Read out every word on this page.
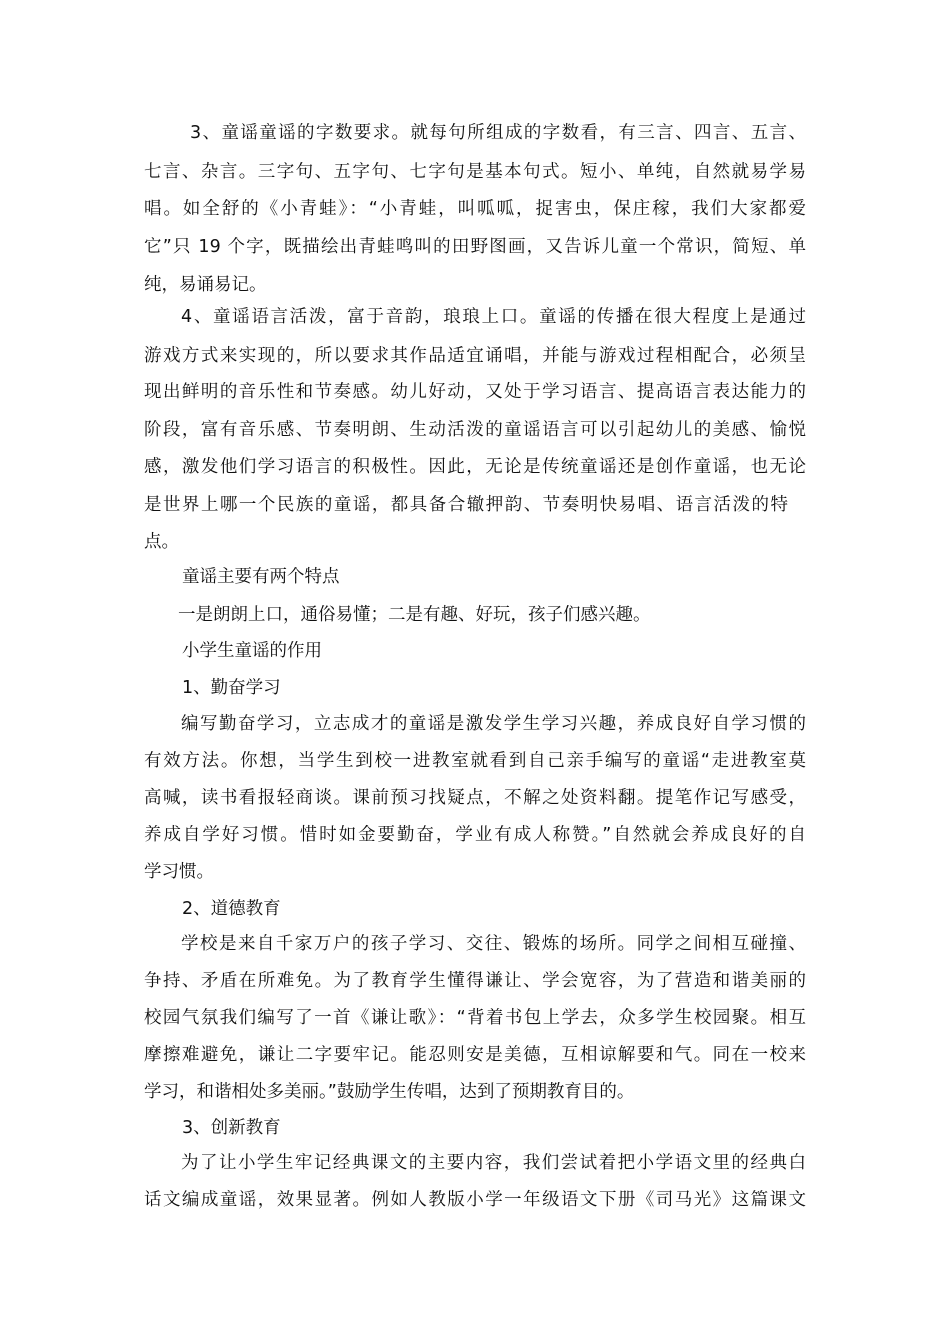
3、童谣童谣的字数要求。就每句所组成的字数看，有三言、四言、五言、

七言、杂言。三字句、五字句、七字句是基本句式。短小、单纯，自然就易学易

唱。如全舒的《小青蛙》：“小青蛙，叫呱呱，捉害虫，保庄稼，我们大家都爱

它”只 19 个字，既描绘出青蛙鸣叫的田野图画，又告诉儿童一个常识，简短、单

纯，易诵易记。

4、童谣语言活泼，富于音韵，琅琅上口。童谣的传播在很大程度上是通过

游戏方式来实现的，所以要求其作品适宜诵唱，并能与游戏过程相配合，必须呈

现出鲜明的音乐性和节奏感。幼儿好动，又处于学习语言、提高语言表达能力的

阶段，富有音乐感、节奏明朗、生动活泼的童谣语言可以引起幼儿的美感、愉悦

感，激发他们学习语言的积极性。因此，无论是传统童谣还是创作童谣，也无论

是世界上哪一个民族的童谣，都具备合辙押韵、节奏明快易唱、语言活泼的特

点。

童谣主要有两个特点

一是朗朗上口，通俗易懂；二是有趣、好玩，孩子们感兴趣。

小学生童谣的作用

1、勤奋学习

编写勤奋学习，立志成才的童谣是激发学生学习兴趣，养成良好自学习惯的

有效方法。你想，当学生到校一进教室就看到自己亲手编写的童谣“走进教室莫

高喊，读书看报轻商谈。课前预习找疑点，不解之处资料翻。提笔作记写感受，

养成自学好习惯。惜时如金要勤奋，学业有成人称赞。”自然就会养成良好的自

学习惯。

2、道德教育

学校是来自千家万户的孩子学习、交往、锻炼的场所。同学之间相互碰撞、

争持、矛盾在所难免。为了教育学生懂得谦让、学会宽容，为了营造和谐美丽的

校园气氛我们编写了一首《谦让歌》：“背着书包上学去，众多学生校园聚。相互

摩擦难避免，谦让二字要牢记。能忍则安是美德，互相谅解要和气。同在一校来

学习，和谐相处多美丽。”鼓励学生传唱，达到了预期教育目的。

3、创新教育

为了让小学生牢记经典课文的主要内容，我们尝试着把小学语文里的经典白

话文编成童谣，效果显著。例如人教版小学一年级语文下册《司马光》这篇课文
